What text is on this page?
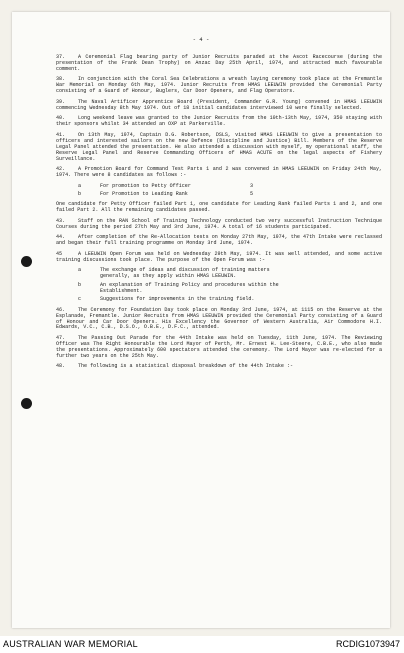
- 4 -

37.	A Ceremonial Flag bearing party of Junior Recruits paraded at the Ascot Racecourse (during the presentation of the Frank Dean Trophy) on Anzac Day 25th April, 1974, and attracted much favourable comment.

38.	In conjunction with the Coral Sea Celebrations a wreath laying ceremony took place at the Fremantle War Memorial on Monday 6th May, 1974. Junior Recruits from HMAS LEEUWIN provided the Ceremonial Party consisting of a Guard of Honour, Buglers, Car Door Openers, and Flag Operators.

39.	The Naval Artificer Apprentice Board (President, Commander G.R. Young) convened in HMAS LEEUWIN commencing Wednesday 8th May 1974. Out of 18 initial candidates interviewed 10 were finally selected.

40.	Long weekend leave was granted to the Junior Recruits from the 10th-13th May, 1974, 350 staying with their sponsors whilst 34 attended an OXP at Parkerville.

41.	On 13th May, 1974, Captain D.G. Robertson, DSLS, visited HMAS LEEUWIN to give a presentation to officers and interested sailors on the new Defence (Discipline and Justice) Bill. Members of the Reserve Legal Panel attended the presentation. He also attended a discussion with myself, my operational staff, the Reserve Legal Panel and Reserve Commanding Officers of HMAS ACUTE on the legal aspects of Fishery Surveillance.

42.	A Promotion Board for Command Test Parts 1 and 2 was convened in HMAS LEEUWIN on Friday 24th May, 1974. There were 8 candidates as follows :-

a	For promotion to Petty Officer	3
b	For Promotion to Leading Rank	5

One candidate for Petty Officer failed Part 1, one candidate for Leading Rank failed Parts 1 and 2, and one failed Part 2. All the remaining candidates passed.

43.	Staff on the RAN School of Training Technology conducted two very successful Instruction Technique Courses during the period 27th May and 3rd June, 1974. A total of 16 students participated.

44.	After completion of the Re-Allocation tests on Monday 27th May, 1974, the 47th Intake were reclassed and began their full training programme on Monday 3rd June, 1974.

45	A LEEUWIN Open Forum was held on Wednesday 29th May, 1974. It was well attended, and some active training discussions took place. The purpose of the Open Forum was :-

a	The exchange of ideas and discussion of training matters generally, as they apply within HMAS LEEUWIN.
b	An explanation of Training Policy and procedures within the Establishment.
c	Suggestions for improvements in the training field.

46.	The Ceremony for Foundation Day took place on Monday 3rd June, 1974, at 1115 on the Reserve at the Esplanade, Fremantle. Junior Recruits from HMAS LEEUWIN provided the Ceremonial Party consisting of a Guard of Honour and Car Door Openers. His Excellency the Governor of Western Australia, Air Commodore H.I. Edwards, V.C., C.B., D.S.O., O.B.E., D.F.C., attended.

47.	The Passing Out Parade for the 44th Intake was held on Tuesday, 11th June, 1974. The Reviewing Officer was The Right Honourable the Lord Mayor of Perth, Mr. Ernest H. Lee-Steere, C.B.E., who also made the presentations. Approximately 600 spectators attended the ceremony. The Lord Mayor was re-elected for a further two years on the 25th May.

48.	The following is a statistical disposal breakdown of the 44th Intake :-

AUSTRALIAN WAR MEMORIAL	RCDIG1073947
